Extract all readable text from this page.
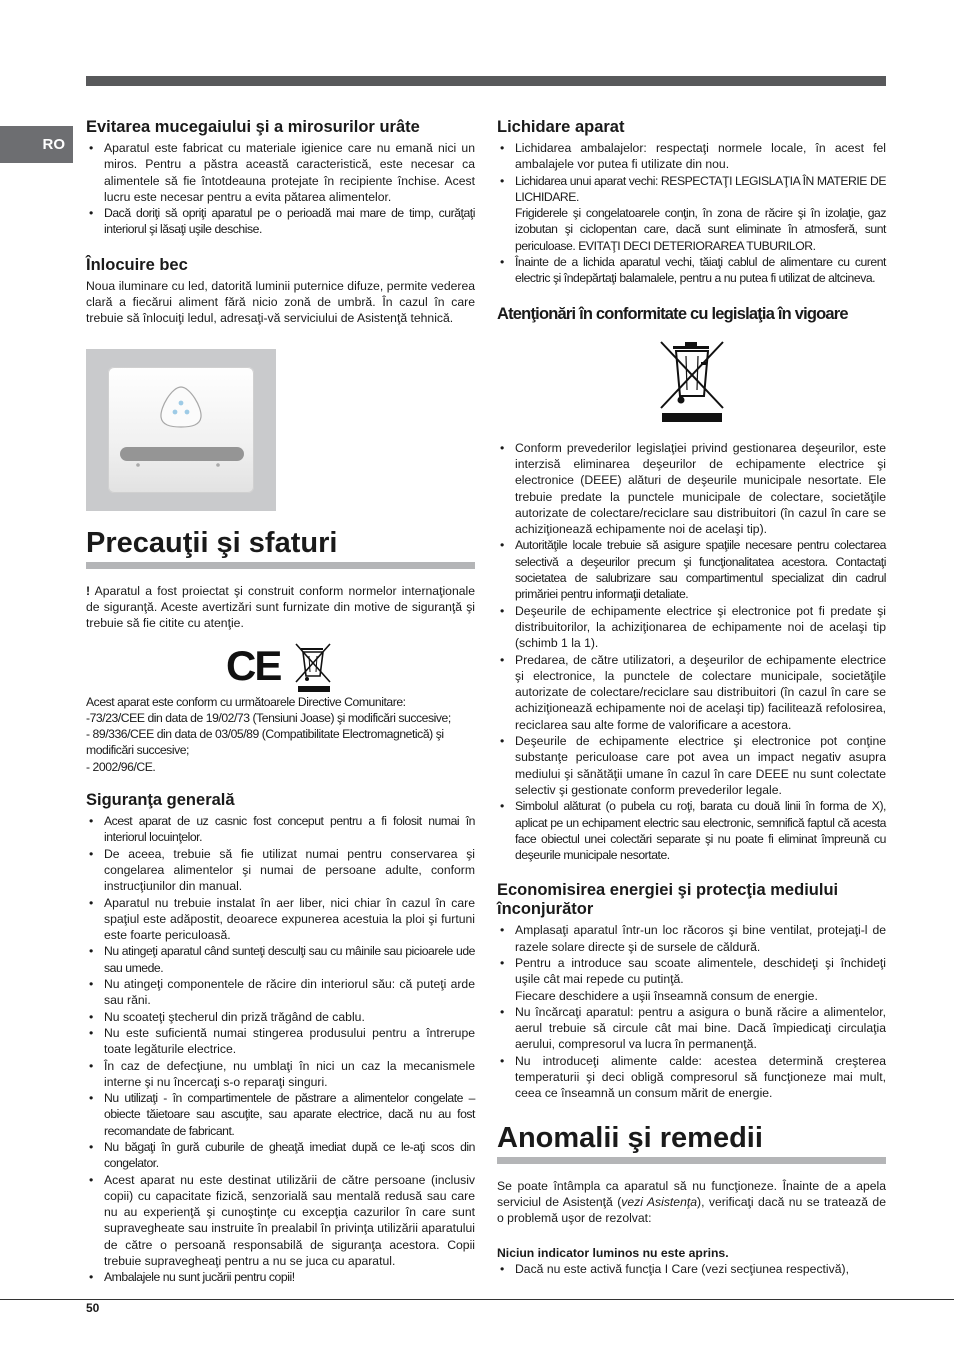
RO
Evitarea mucegaiului şi a mirosurilor urâte
• Aparatul este fabricat cu materiale igienice care nu emană nici un miros. Pentru a păstra această caracteristică, este necesar ca alimentele să fie întotdeauna protejate în recipiente închise. Acest lucru este necesar pentru a evita pătarea alimentelor.
• Dacă doriţi să opriţi aparatul pe o perioadă mai mare de timp, curăţaţi interiorul şi lăsaţi uşile deschise.
Înlocuire bec

Noua iluminare cu led, datorită luminii puternice difuze, permite vederea clară a fiecărui aliment fără nicio zonă de umbră. În cazul în care trebuie să înlocuiţi ledul, adresaţi-vă serviciului de Asistenţă tehnică.

Precauţii şi sfaturi

! Aparatul a fost proiectat şi construit conform normelor internaţionale de siguranţă. Aceste avertizări sunt furnizate din motive de siguranţă şi trebuie să fie citite cu atenţie.

CE

Acest aparat este conform cu următoarele Directive Comunitare:

-73/23/CEE din data de 19/02/73 (Tensiuni Joase) şi modificări succesive;

- 89/336/CEE din data de 03/05/89 (Compatibilitate Electromagnetică) şi modificări succesive;

- 2002/96/CE.

Siguranţa generală
• Acest aparat de uz casnic fost conceput pentru a fi folosit numai în interiorul locuinţelor.
• De aceea, trebuie să fie utilizat numai pentru conservarea şi congelarea alimentelor şi numai de persoane adulte, conform instrucţiunilor din manual.
• Aparatul nu trebuie instalat în aer liber, nici chiar în cazul în care spaţiul este adăpostit, deoarece expunerea acestuia la ploi şi furtuni este foarte periculoasă.
• Nu atingeţi aparatul când sunteţi desculţi sau cu mâinile sau picioarele ude sau umede.
• Nu atingeţi componentele de răcire din interiorul său: că puteţi arde sau răni.
• Nu scoateţi ştecherul din priză trăgând de cablu.
• Nu este suficientă numai stingerea produsului pentru a întrerupe toate legăturile electrice.
• În caz de defecţiune, nu umblaţi în nici un caz la mecanismele interne şi nu încercaţi s-o reparaţi singuri.
• Nu utilizaţi - în compartimentele de păstrare a alimentelor congelate – obiecte tăietoare sau ascuţite, sau aparate electrice, dacă nu au fost recomandate de fabricant.
• Nu băgaţi în gură cuburile de gheaţă imediat după ce le-aţi scos din congelator.
• Acest aparat nu este destinat utilizării de către persoane (inclusiv copii) cu capacitate fizică, senzorială sau mentală redusă sau care nu au experienţă şi cunoştinţe cu excepţia cazurilor în care sunt supravegheate sau instruite în prealabil în privinţa utilizării aparatului de către o persoană responsabilă de siguranţa acestora. Copii trebuie supravegheaţi pentru a nu se juca cu aparatul.
• Ambalajele nu sunt jucării pentru copii!
Lichidare aparat
• Lichidarea ambalajelor: respectaţi normele locale, în acest fel ambalajele vor putea fi utilizate din nou.
• Lichidarea unui aparat vechi: RESPECTAŢI LEGISLAŢIA ÎN MATERIE DE LICHIDARE.
Frigiderele şi congelatoarele conţin, în zona de răcire şi în izolaţie, gaz izobutan şi ciclopentan care, dacă sunt eliminate în atmosferă, sunt periculoase. EVITAŢI DECI DETERIORAREA TUBURILOR.
• Înainte de a lichida aparatul vechi, tăiaţi cablul de alimentare cu curent electric şi îndepărtaţi balamalele, pentru a nu putea fi utilizat de altcineva.
Atenţionări în conformitate cu legislaţia în vigoare
• Conform prevederilor legislaţiei privind gestionarea deşeurilor, este interzisă eliminarea deşeurilor de echipamente electrice şi electronice (DEEE) alături de deşeurile municipale nesortate. Ele trebuie predate la punctele municipale de colectare, societăţile autorizate de colectare/reciclare sau distribuitori (în cazul în care se achiziţionează echipamente noi de acelaşi tip).
• Autorităţile locale trebuie să asigure spaţiile necesare pentru colectarea selectivă a deşeurilor precum şi funcţionalitatea acestora. Contactaţi societatea de salubrizare sau compartimentul specializat din cadrul primăriei pentru informaţii detaliate.
• Deşeurile de echipamente electrice şi electronice pot fi predate şi distribuitorilor, la achiziţionarea de echipamente noi de acelaşi tip (schimb 1 la 1).
• Predarea, de către utilizatori, a deşeurilor de echipamente electrice şi electronice, la punctele de colectare municipale, societăţile autorizate de colectare/reciclare sau distribuitori (în cazul în care se achiziţionează echipamente noi de acelaşi tip) facilitează refolosirea, reciclarea sau alte forme de valorificare a acestora.
• Deşeurile de echipamente electrice şi electronice pot conţine substanţe periculoase care pot avea un impact negativ asupra mediului şi sănătăţii umane în cazul în care DEEE nu sunt colectate selectiv şi gestionate conform prevederilor legale.
• Simbolul alăturat (o pubela cu roţi, barata cu două linii în forma de X), aplicat pe un echipament electric sau electronic, semnifică faptul că acesta face obiectul unei colectări separate şi nu poate fi eliminat împreună cu deşeurile municipale nesortate.
Economisirea energiei şi protecţia mediului înconjurător
• Amplasaţi aparatul într-un loc răcoros şi bine ventilat, protejaţi-l de razele solare directe şi de sursele de căldură.
• Pentru a introduce sau scoate alimentele, deschideţi şi închideţi uşile cât mai repede cu putinţă.
Fiecare deschidere a uşii înseamnă consum de energie.
• Nu încărcaţi aparatul: pentru a asigura o bună răcire a alimentelor, aerul trebuie să circule cât mai bine. Dacă împiedicaţi circulaţia aerului, compresorul va lucra în permanenţă.
• Nu introduceţi alimente calde: acestea determină creşterea temperaturii şi deci obligă compresorul să funcţioneze mai mult, ceea ce înseamnă un consum mărit de energie.
Anomalii şi remedii

Se poate întâmpla ca aparatul să nu funcţioneze. Înainte de a apela serviciul de Asistenţă (vezi Asistenţa), verificaţi dacă nu se tratează de o problemă uşor de rezolvat:

Niciun indicator luminos nu este aprins.

• Dacă nu este activă funcţia I Care (vezi secţiunea respectivă),
50
